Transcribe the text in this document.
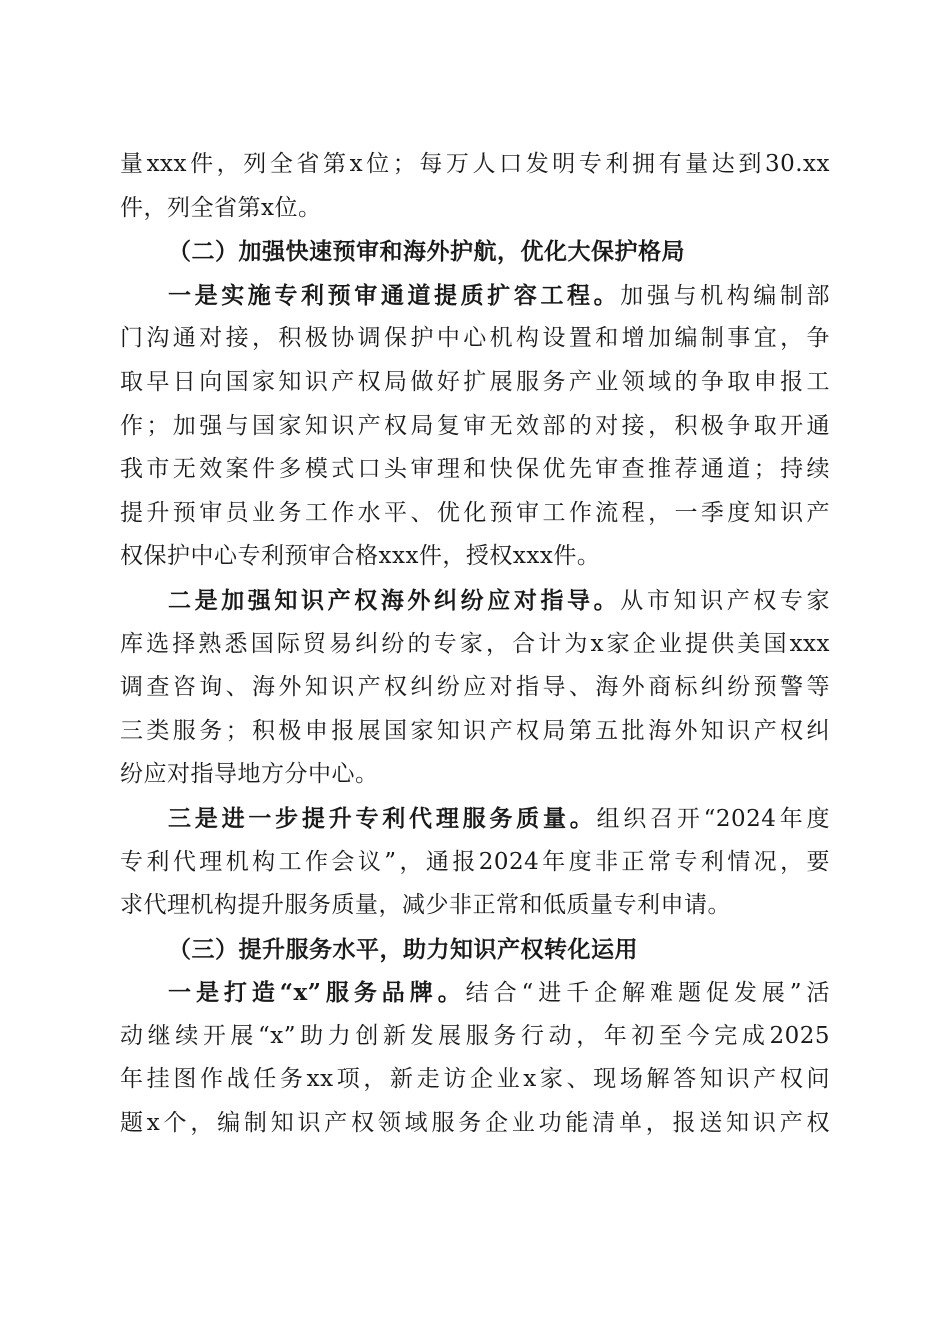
量xxx件，列全省第x位；每万人口发明专利拥有量达到30.xx
件，列全省第x位。
（二）加强快速预审和海外护航，优化大保护格局
一是实施专利预审通道提质扩容工程。加强与机构编制部
门沟通对接，积极协调保护中心机构设置和增加编制事宜，争
取早日向国家知识产权局做好扩展服务产业领域的争取申报工
作；加强与国家知识产权局复审无效部的对接，积极争取开通
我市无效案件多模式口头审理和快保优先审查推荐通道；持续
提升预审员业务工作水平、优化预审工作流程，一季度知识产
权保护中心专利预审合格xxx件，授权xxx件。
二是加强知识产权海外纠纷应对指导。从市知识产权专家
库选择熟悉国际贸易纠纷的专家，合计为x家企业提供美国xxx
调查咨询、海外知识产权纠纷应对指导、海外商标纠纷预警等
三类服务；积极申报展国家知识产权局第五批海外知识产权纠
纷应对指导地方分中心。
三是进一步提升专利代理服务质量。组织召开“2024年度
专利代理机构工作会议”，通报2024年度非正常专利情况，要
求代理机构提升服务质量，减少非正常和低质量专利申请。
（三）提升服务水平，助力知识产权转化运用
一是打造“x”服务品牌。结合“进千企解难题促发展”活
动继续开展“x”助力创新发展服务行动，年初至今完成2025
年挂图作战任务xx项，新走访企业x家、现场解答知识产权问
题x个，编制知识产权领域服务企业功能清单，报送知识产权
